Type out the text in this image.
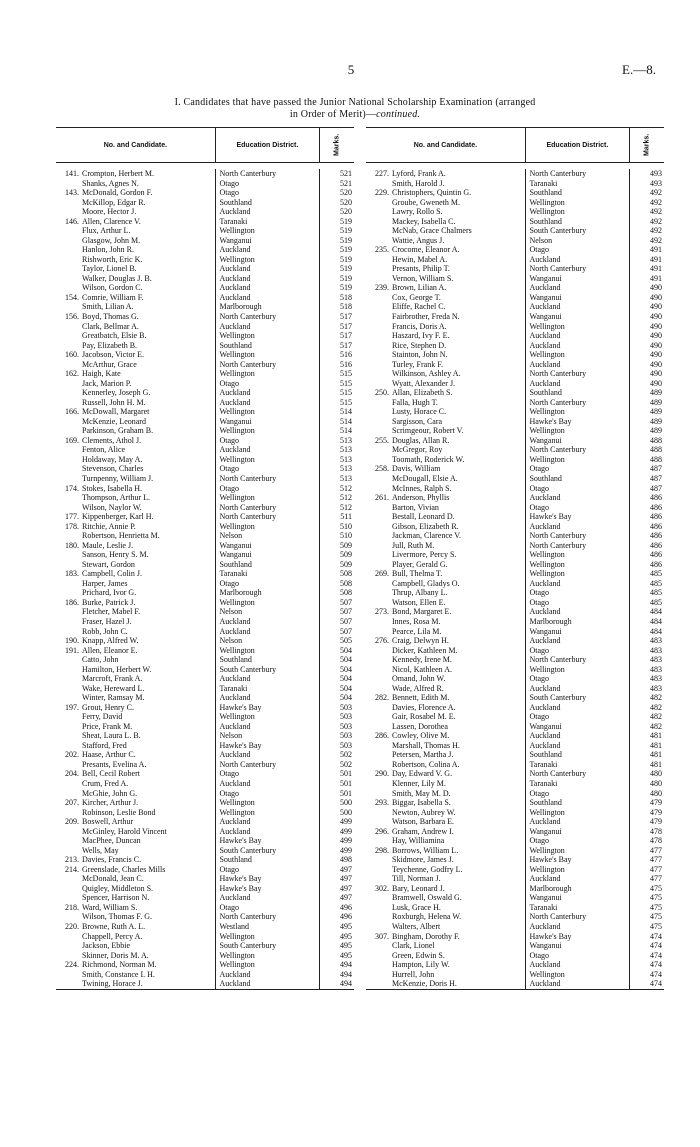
5	E.—8.
I. Candidates that have passed the Junior National Scholarship Examination (arranged
in Order of Merit)—continued.
No. and Candidate.	Education District.	Marks.
141. Crompton, Herbert M.	North Canterbury	521
Shanks, Agnes N.	Otago	521
143. McDonald, Gordon F.	Otago	520
McKillop, Edgar R.	Southland	520
Moore, Hector J.	Auckland	520
146. Allen, Clarence V.	Taranaki	519
Flux, Arthur L.	Wellington	519
Glasgow, John M.	Wanganui	519
Hanlon, John R.	Auckland	519
Rishworth, Eric K.	Wellington	519
Taylor, Lionel B.	Auckland	519
Walker, Douglas J. B.	Auckland	519
Wilson, Gordon C.	Auckland	519
154. Comrie, William F.	Auckland	518
Smith, Lilian A.	Marlborough	518
156. Boyd, Thomas G.	North Canterbury	517
Clark, Bellmar A.	Auckland	517
Greatbatch, Elsie B.	Wellington	517
Pay, Elizabeth B.	Southland	517
160. Jacobson, Victor E.	Wellington	516
McArthur, Grace	North Canterbury	516
162. Haigh, Kate	Wellington	515
Jack, Marion P.	Otago	515
Kennerley, Joseph G.	Auckland	515
Russell, John H. M.	Auckland	515
166. McDowall, Margaret	Wellington	514
McKenzie, Leonard	Wanganui	514
Parkinson, Graham B.	Wellington	514
169. Clements, Athol J.	Otago	513
Fenton, Alice	Auckland	513
Holdaway, May A.	Wellington	513
Stevenson, Charles	Otago	513
Turnpenny, William J.	North Canterbury	513
174. Stokes, Isabella H.	Otago	512
Thompson, Arthur L.	Wellington	512
Wilson, Naylor W.	North Canterbury	512
177. Kippenberger, Karl H.	North Canterbury	511
178. Ritchie, Annie P.	Wellington	510
Robertson, Henrietta M.	Nelson	510
180. Maule, Leslie J.	Wanganui	509
Sanson, Henry S. M.	Wanganui	509
Stewart, Gordon	Southland	509
183. Campbell, Colin J.	Taranaki	508
Harper, James	Otago	508
Prichard, Ivor G.	Marlborough	508
186. Burke, Patrick J.	Wellington	507
Fletcher, Mabel F.	Nelson	507
Fraser, Hazel J.	Auckland	507
Robb, John C.	Auckland	507
190. Knapp, Alfred W.	Nelson	505
191. Allen, Eleanor E.	Wellington	504
Catto, John	Southland	504
Hamilton, Herbert W.	South Canterbury	504
Marcroft, Frank A.	Auckland	504
Wake, Hereward L.	Taranaki	504
Winter, Ramsay M.	Auckland	504
197. Grout, Henry C.	Hawke's Bay	503
Ferry, David	Wellington	503
Price, Frank M.	Auckland	503
Sheat, Laura L. B.	Nelson	503
Stafford, Fred	Hawke's Bay	503
202. Haase, Arthur C.	Auckland	502
Presants, Evelina A.	North Canterbury	502
204. Bell, Cecil Robert	Otago	501
Crum, Fred A.	Auckland	501
McGhie, John G.	Otago	501
207. Kircher, Arthur J.	Wellington	500
Robinson, Leslie Bond	Wellington	500
209. Boswell, Arthur	Auckland	499
McGinley, Harold Vincent	Auckland	499
MacPhee, Duncan	Hawke's Bay	499
Wells, May	South Canterbury	499
213. Davies, Francis C.	Southland	498
214. Greenslade, Charles Mills	Otago	497
McDonald, Jean C.	Hawke's Bay	497
Quigley, Middleton S.	Hawke's Bay	497
Spencer, Harrison N.	Auckland	497
218. Ward, William S.	Otago	496
Wilson, Thomas F. G.	North Canterbury	496
220. Browne, Ruth A. L.	Westland	495
Chappell, Percy A.	Wellington	495
Jackson, Ebbie	South Canterbury	495
Skinner, Doris M. A.	Wellington	495
224. Richmond, Norman M.	Wellington	494
Smith, Constance I. H.	Auckland	494
Twining, Horace J.	Auckland	494
No. and Candidate.	Education District.	Marks.
227. Lyford, Frank A.	North Canterbury	493
Smith, Harold J.	Taranaki	493
229. Christophers, Quintin G.	Southland	492
Groube, Gweneth M.	Wellington	492
Lawry, Rollo S.	Wellington	492
Mackey, Isabella C.	Southland	492
McNab, Grace Chalmers	South Canterbury	492
Wattie, Angus J.	Nelson	492
235. Crocome, Eleanor A.	Otago	491
Hewin, Mabel A.	Auckland	491
Presants, Philip T.	North Canterbury	491
Vernon, William S.	Wanganui	491
239. Brown, Lilian A.	Auckland	490
Cox, George T.	Wanganui	490
Eliffe, Rachel C.	Auckland	490
Fairbrother, Freda N.	Wanganui	490
Francis, Doris A.	Wellington	490
Haszard, Ivy F. E.	Auckland	490
Rice, Stephen D.	Auckland	490
Stainton, John N.	Wellington	490
Turley, Frank F.	Auckland	490
Wilkinson, Ashley A.	North Canterbury	490
Wyatt, Alexander J.	Auckland	490
250. Allan, Elizabeth S.	Southland	489
Falla, Hugh T.	North Canterbury	489
Lusty, Horace C.	Wellington	489
Sargisson, Cara	Hawke's Bay	489
Scrimgeour, Robert V.	Wellington	489
255. Douglas, Allan R.	Wanganui	488
McGregor, Roy	North Canterbury	488
Toomath, Roderick W.	Wellington	488
258. Davis, William	Otago	487
McDougall, Elsie A.	Southland	487
McInnes, Ralph S.	Otago	487
261. Anderson, Phyllis	Auckland	486
Barton, Vivian	Otago	486
Bestall, Leonard D.	Hawke's Bay	486
Gibson, Elizabeth R.	Auckland	486
Jackman, Clarence V.	North Canterbury	486
Jull, Ruth M.	North Canterbury	486
Livermore, Percy S.	Wellington	486
Player, Gerald G.	Wellington	486
269. Bull, Thelma T.	Wellington	485
Campbell, Gladys O.	Auckland	485
Thrup, Albany L.	Otago	485
Watson, Ellen E.	Otago	485
273. Bond, Margaret E.	Auckland	484
Innes, Rosa M.	Marlborough	484
Pearce, Lila M.	Wanganui	484
276. Craig, Delwyn H.	Auckland	483
Dicker, Kathleen M.	Otago	483
Kennedy, Irene M.	North Canterbury	483
Nicol, Kathleen A.	Wellington	483
Omand, John W.	Otago	483
Wade, Alfred R.	Auckland	483
282. Bennett, Edith M.	South Canterbury	482
Davies, Florence A.	Auckland	482
Gair, Rosabel M. E.	Otago	482
Lassen, Dorothea	Wanganui	482
286. Cowley, Olive M.	Auckland	481
Marshall, Thomas H.	Auckland	481
Petersen, Martha J.	Southland	481
Robertson, Colina A.	Taranaki	481
290. Day, Edward V. G.	North Canterbury	480
Klenner, Lily M.	Taranaki	480
Smith, May M. D.	Otago	480
293. Biggar, Isabella S.	Southland	479
Newton, Aubrey W.	Wellington	479
Watson, Barbara E.	Auckland	479
296. Graham, Andrew I.	Wanganui	478
Hay, Williamina	Otago	478
298. Borrows, William L.	Wellington	477
Skidmore, James J.	Hawke's Bay	477
Teychenne, Godfry L.	Wellington	477
Till, Norman J.	Auckland	477
302. Bary, Leonard J.	Marlborough	475
Bramwell, Oswald G.	Wanganui	475
Lusk, Grace H.	Taranaki	475
Roxburgh, Helena W.	North Canterbury	475
Walters, Albert	Auckland	475
307. Bingham, Dorothy F.	Hawke's Bay	474
Clark, Lionel	Wanganui	474
Green, Edwin S.	Otago	474
Hampton, Lily W.	Auckland	474
Hurrell, John	Wellington	474
McKenzie, Doris H.	Auckland	474
